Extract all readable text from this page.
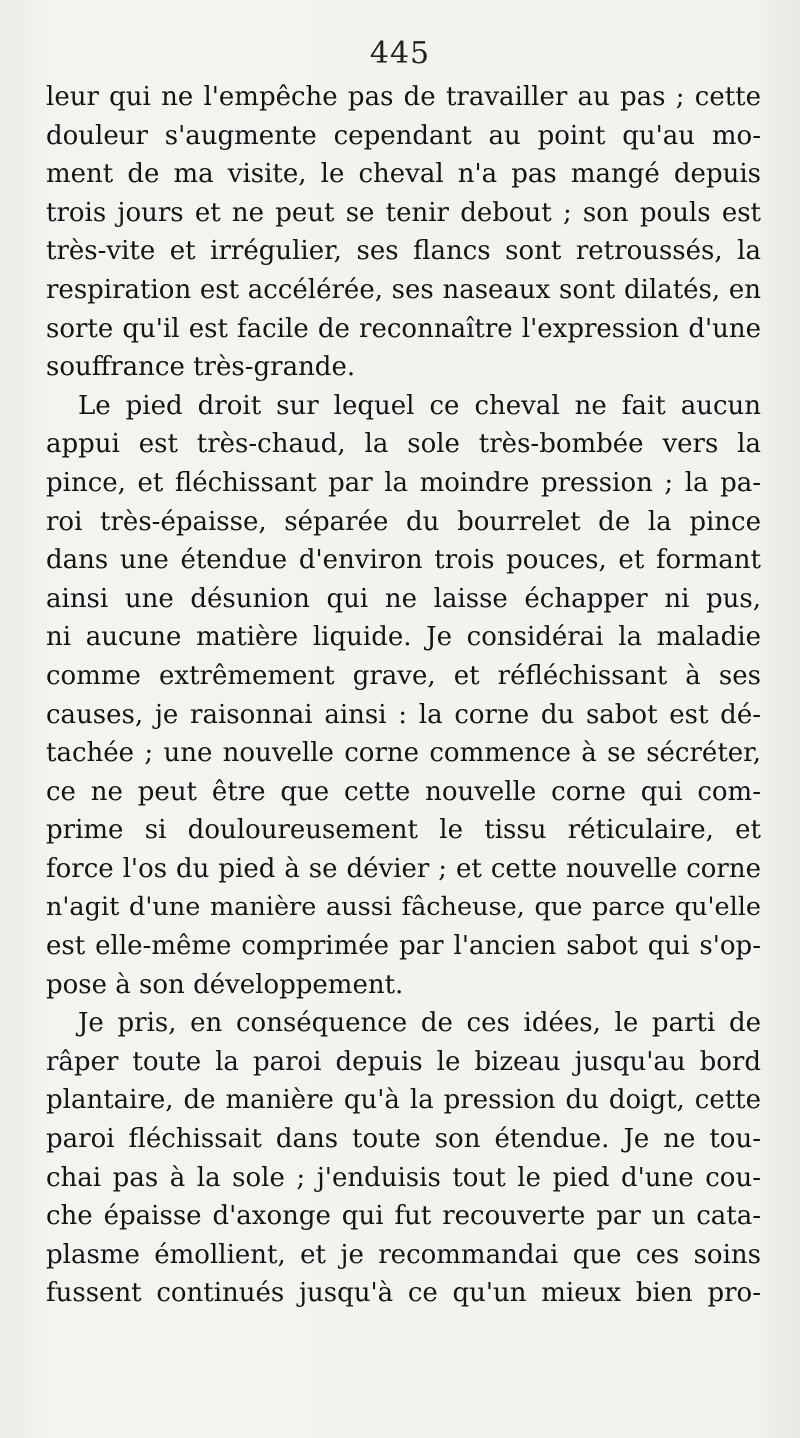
445
leur qui ne l'empêche pas de travailler au pas ; cette
douleur s'augmente cependant au point qu'au mo-
ment de ma visite, le cheval n'a pas mangé depuis
trois jours et ne peut se tenir debout ; son pouls est
très-vite et irrégulier, ses flancs sont retroussés, la
respiration est accélérée, ses naseaux sont dilatés, en
sorte qu'il est facile de reconnaître l'expression d'une
souffrance très-grande.
Le pied droit sur lequel ce cheval ne fait aucun
appui est très-chaud, la sole très-bombée vers la
pince, et fléchissant par la moindre pression ; la pa-
roi très-épaisse, séparée du bourrelet de la pince
dans une étendue d'environ trois pouces, et formant
ainsi une désunion qui ne laisse échapper ni pus,
ni aucune matière liquide. Je considérai la maladie
comme extrêmement grave, et réfléchissant à ses
causes, je raisonnai ainsi : la corne du sabot est dé-
tachée ; une nouvelle corne commence à se sécréter,
ce ne peut être que cette nouvelle corne qui com-
prime si douloureusement le tissu réticulaire, et
force l'os du pied à se dévier ; et cette nouvelle corne
n'agit d'une manière aussi fâcheuse, que parce qu'elle
est elle-même comprimée par l'ancien sabot qui s'op-
pose à son développement.
Je pris, en conséquence de ces idées, le parti de
râper toute la paroi depuis le bizeau jusqu'au bord
plantaire, de manière qu'à la pression du doigt, cette
paroi fléchissait dans toute son étendue. Je ne tou-
chai pas à la sole ; j'enduisis tout le pied d'une cou-
che épaisse d'axonge qui fut recouverte par un cata-
plasme émollient, et je recommandai que ces soins
fussent continués jusqu'à ce qu'un mieux bien pro-
